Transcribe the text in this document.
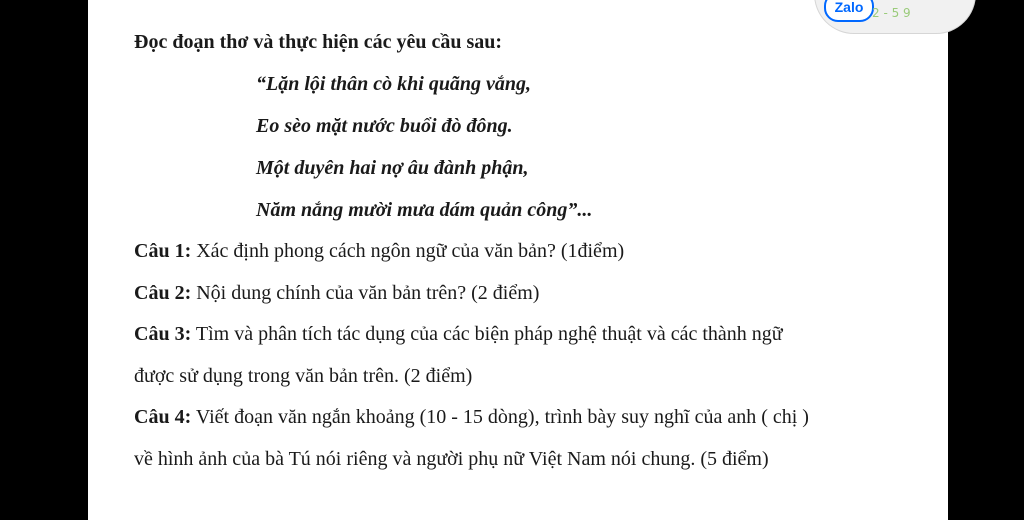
Zalo 2 - 5 9
Đọc đoạn thơ và thực hiện các yêu cầu sau:
“Lặn lội thân cò khi quãng vắng,
Eo sèo mặt nước buổi đò đông.
Một duyên hai nợ âu đành phận,
Năm nắng mười mưa dám quản công”...
Câu 1: Xác định phong cách ngôn ngữ của văn bản? (1điểm)
Câu 2: Nội dung chính của văn bản trên? (2 điểm)
Câu 3: Tìm và phân tích tác dụng của các biện pháp nghệ thuật và các thành ngữ
được sử dụng trong văn bản trên. (2 điểm)
Câu 4: Viết đoạn văn ngắn khoảng (10 - 15 dòng), trình bày suy nghĩ của anh ( chị )
về hình ảnh của bà Tú nói riêng và người phụ nữ Việt Nam nói chung. (5 điểm)
